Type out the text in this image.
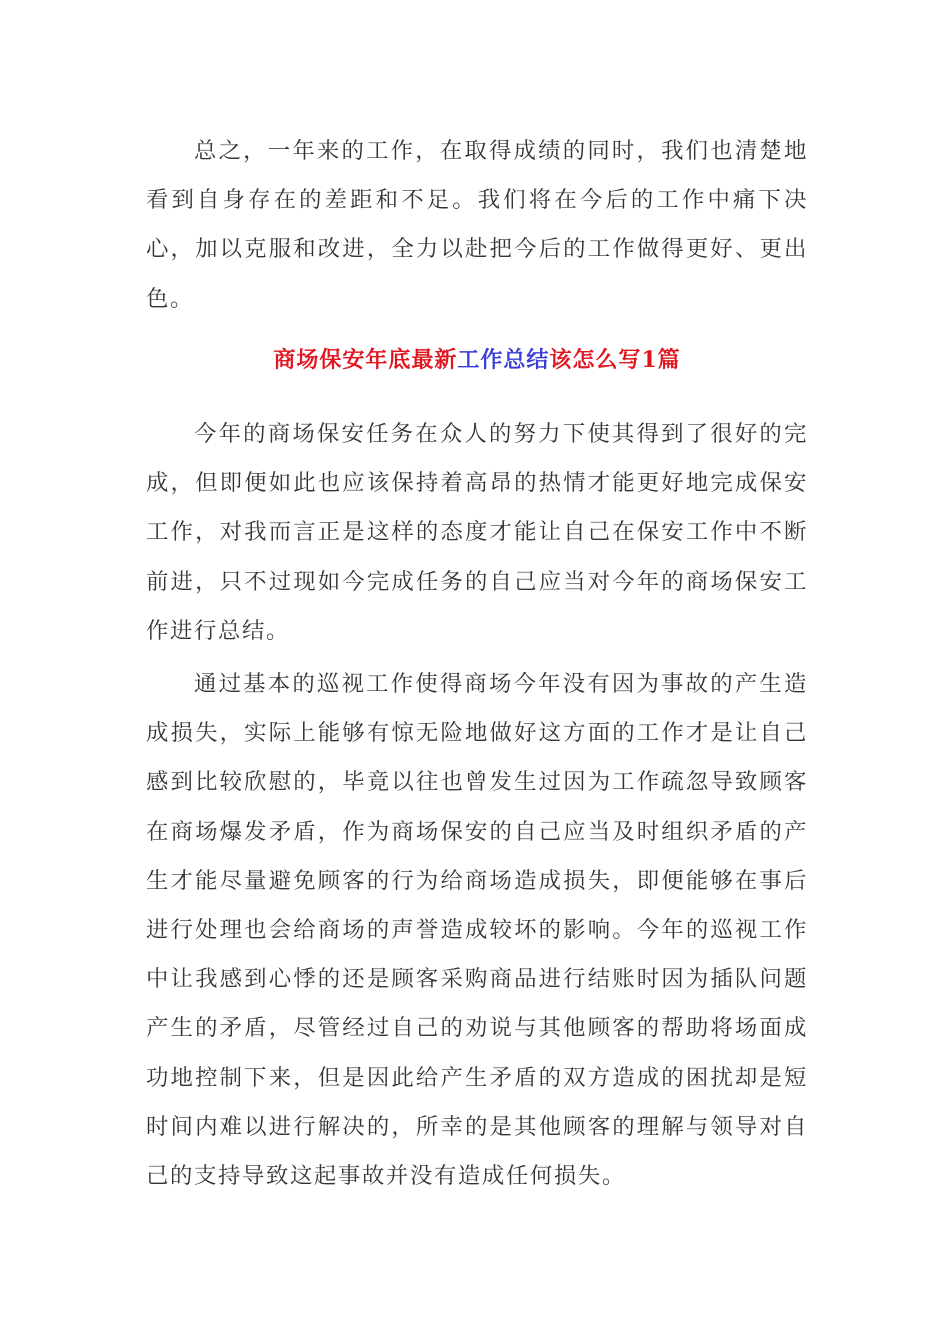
总之，一年来的工作，在取得成绩的同时，我们也清楚地看到自身存在的差距和不足。我们将在今后的工作中痛下决心，加以克服和改进，全力以赴把今后的工作做得更好、更出色。

商场保安年底最新工作总结该怎么写1篇

今年的商场保安任务在众人的努力下使其得到了很好的完成，但即便如此也应该保持着高昂的热情才能更好地完成保安工作，对我而言正是这样的态度才能让自己在保安工作中不断前进，只不过现如今完成任务的自己应当对今年的商场保安工作进行总结。

通过基本的巡视工作使得商场今年没有因为事故的产生造成损失，实际上能够有惊无险地做好这方面的工作才是让自己感到比较欣慰的，毕竟以往也曾发生过因为工作疏忽导致顾客在商场爆发矛盾，作为商场保安的自己应当及时组织矛盾的产生才能尽量避免顾客的行为给商场造成损失，即便能够在事后进行处理也会给商场的声誉造成较坏的影响。今年的巡视工作中让我感到心悸的还是顾客采购商品进行结账时因为插队问题产生的矛盾，尽管经过自己的劝说与其他顾客的帮助将场面成功地控制下来，但是因此给产生矛盾的双方造成的困扰却是短时间内难以进行解决的，所幸的是其他顾客的理解与领导对自己的支持导致这起事故并没有造成任何损失。
